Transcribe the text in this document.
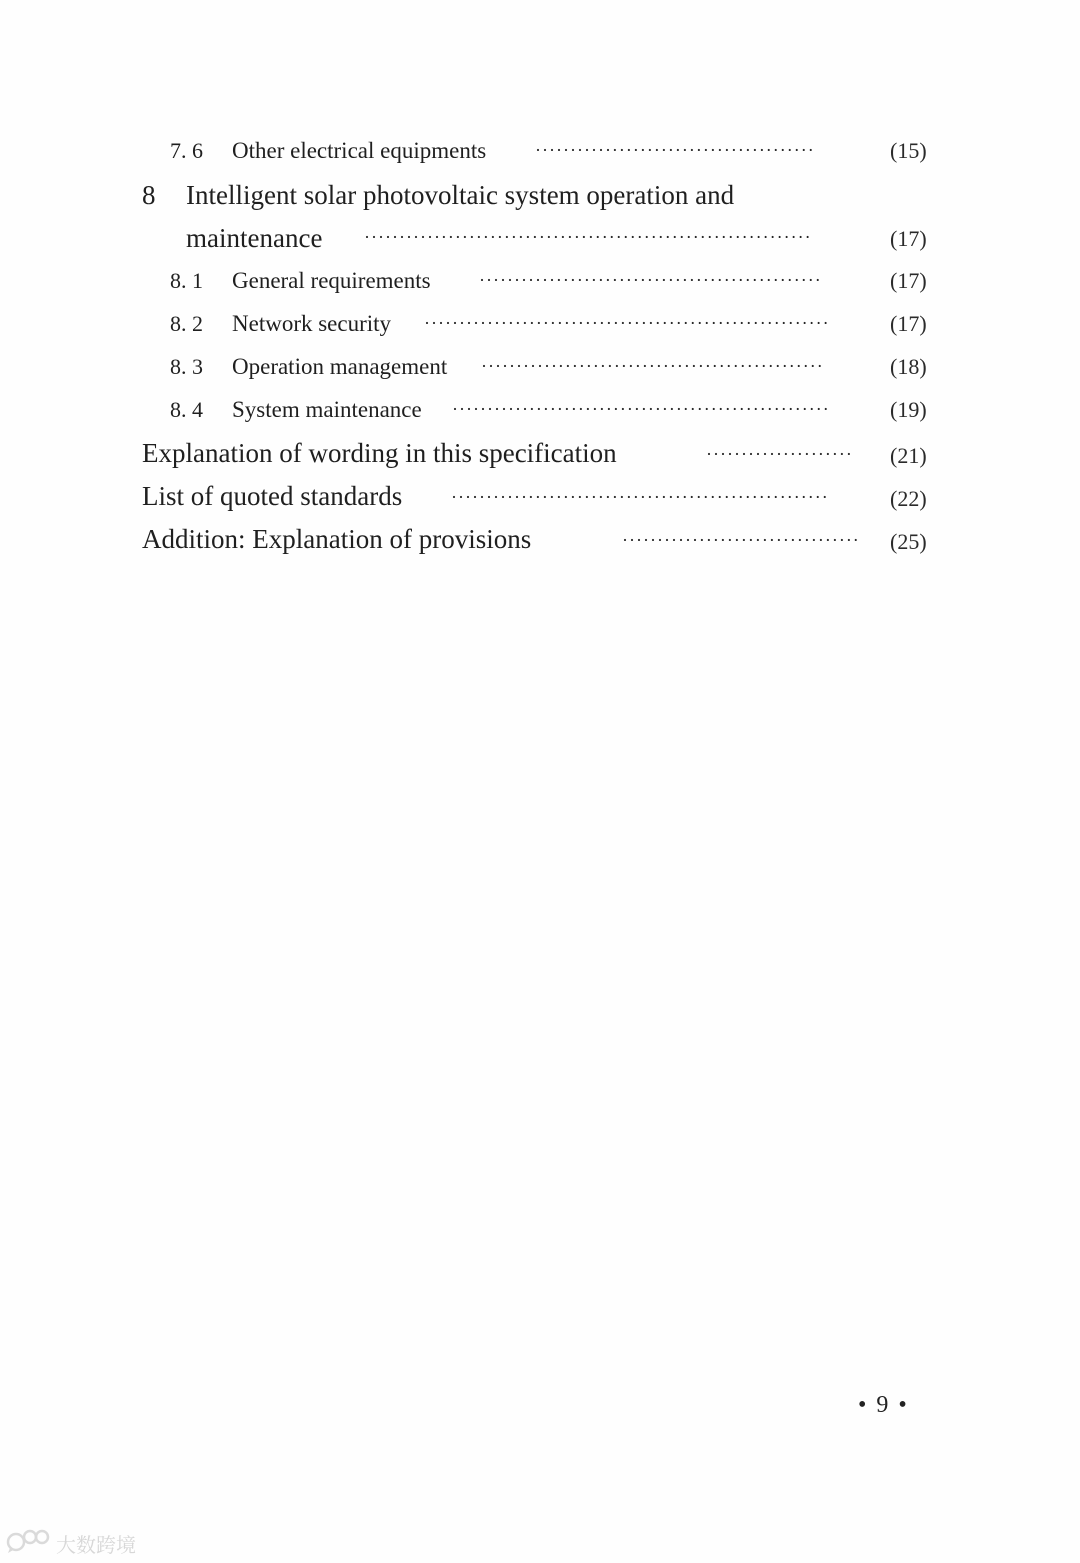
7. 6 Other electrical equipments	········································	(15)
8 Intelligent solar photovoltaic system operation and
maintenance ································································	(17)
8. 1 General requirements	·················································	(17)
8. 2 Network security ··························································	(17)
8. 3 Operation management ·················································	(18)
8. 4 System maintenance ······················································	(19)
Explanation of wording in this specification	·····················	(21)
List of quoted standards	······················································	(22)
Addition: Explanation of provisions	··································	(25)
• 9 •
大数跨境
